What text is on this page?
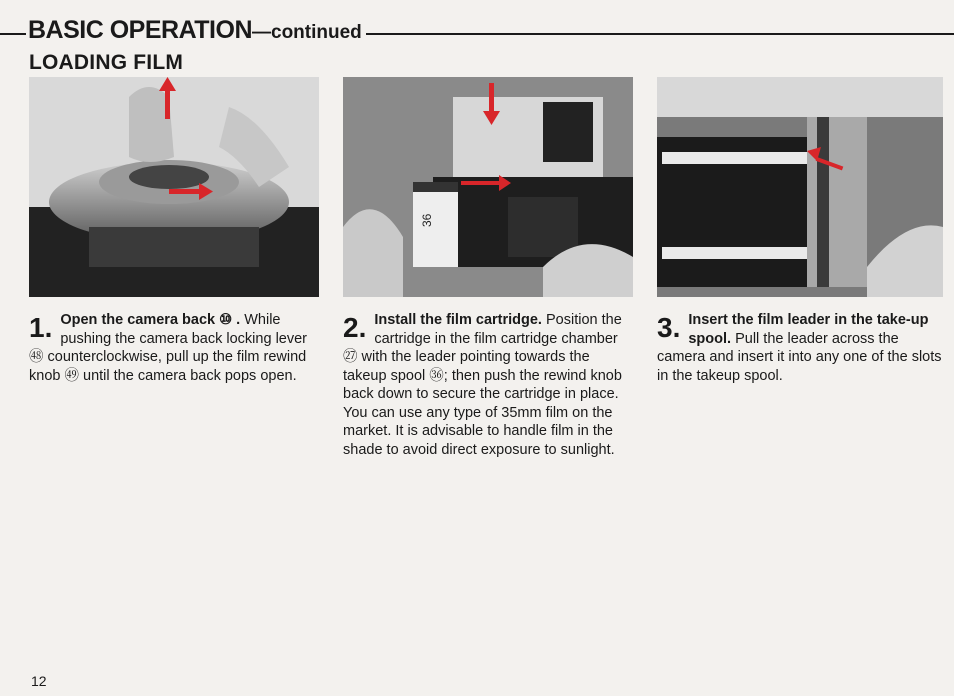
BASIC OPERATION—continued
LOADING FILM
36
1. Open the camera back ⑩ . While pushing the camera back locking lever ㊽ counterclockwise, pull up the film rewind knob ㊾ until the camera back pops open.
2. Install the film cartridge. Position the cartridge in the film cartridge chamber ㉗ with the leader pointing towards the takeup spool ㊱; then push the rewind knob back down to secure the cartridge in place. You can use any type of 35mm film on the market. It is advisable to handle film in the shade to avoid direct exposure to sunlight.
3. Insert the film leader in the take-up spool. Pull the leader across the camera and insert it into any one of the slots in the takeup spool.
12
